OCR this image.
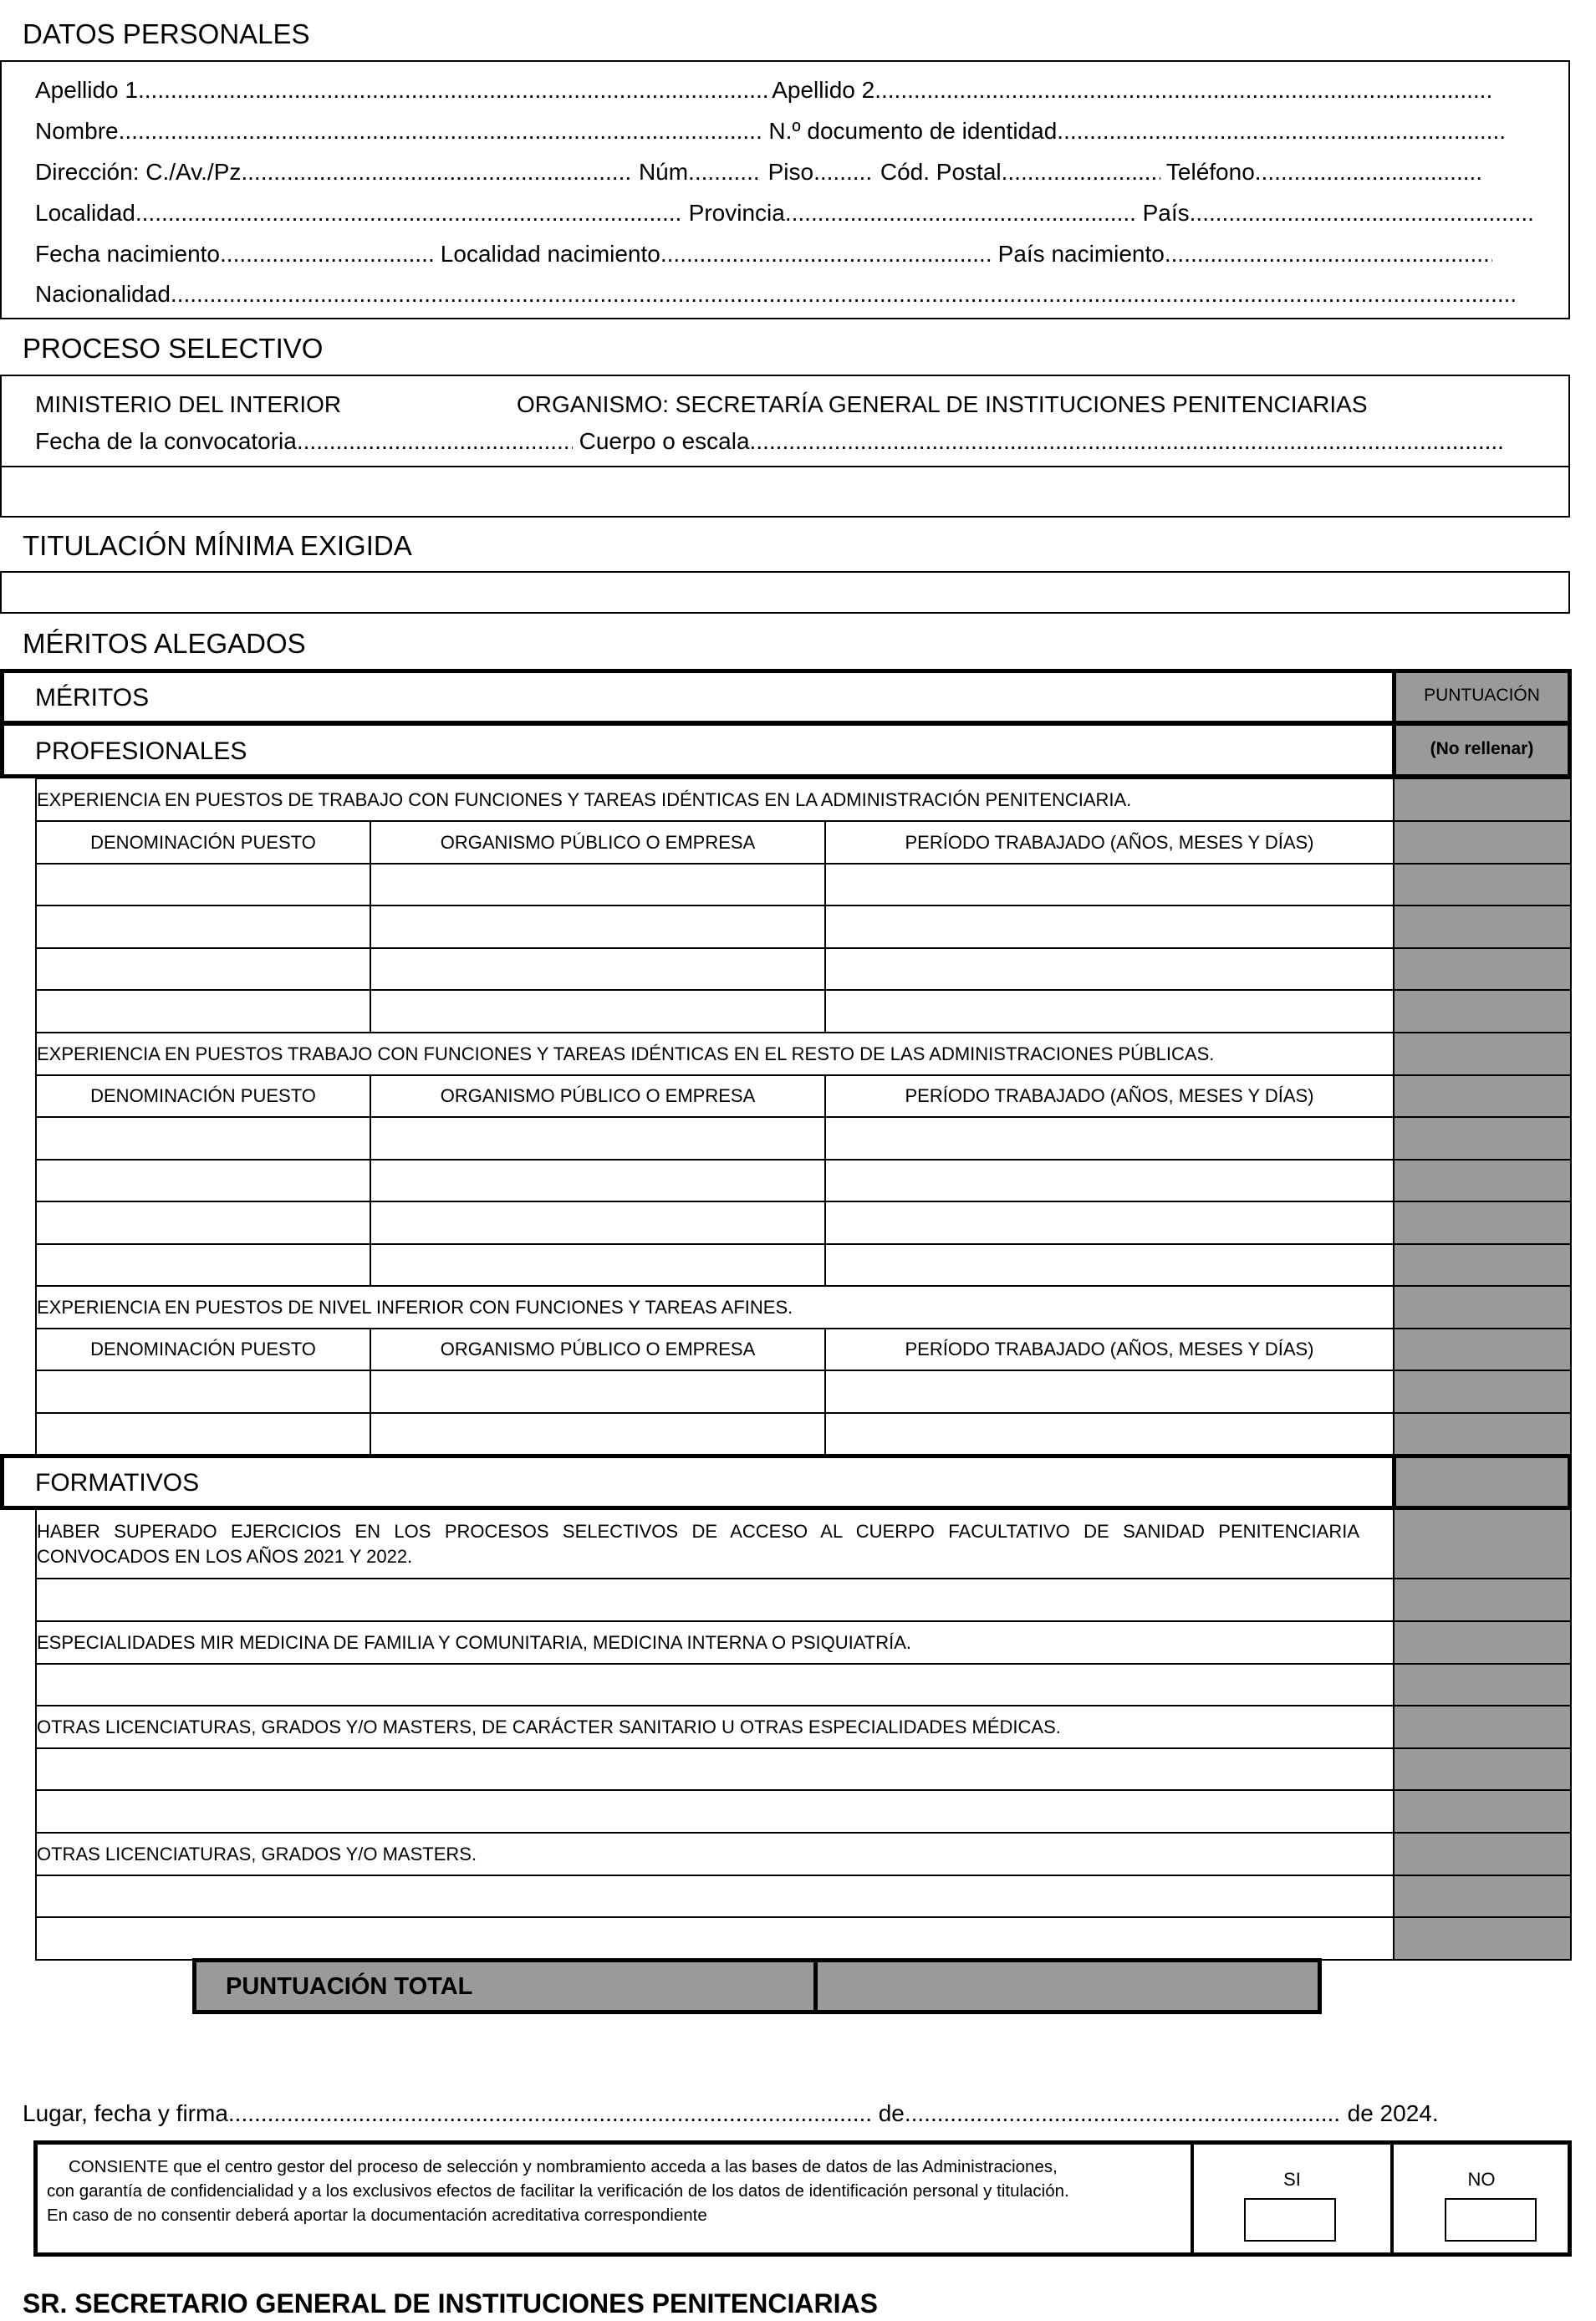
DATOS PERSONALES
Apellido 1 .....	Apellido 2.....
Nombre .....	N.º documento de identidad.....
Dirección: C./Av./Pz. .....	Núm. .....	Piso .....	Cód. Postal .....	Teléfono.....
Localidad .....	Provincia .....	País.....
Fecha nacimiento .....	Localidad nacimiento .....	País nacimiento.....
Nacionalidad.....
PROCESO SELECTIVO
MINISTERIO DEL INTERIOR	ORGANISMO: SECRETARÍA GENERAL DE INSTITUCIONES PENITENCIARIAS
Fecha de la convocatoria .....	Cuerpo o escala.....
TITULACIÓN MÍNIMA EXIGIDA
MÉRITOS ALEGADOS
MÉRITOS	PUNTUACIÓN
PROFESIONALES	(No rellenar)
EXPERIENCIA EN PUESTOS DE TRABAJO CON FUNCIONES Y TAREAS IDÉNTICAS EN LA ADMINISTRACIÓN PENITENCIARIA.			
DENOMINACIÓN PUESTO	ORGANISMO PÚBLICO O EMPRESA	PERÍODO TRABAJADO (AÑOS, MESES Y DÍAS)	

EXPERIENCIA EN PUESTOS TRABAJO CON FUNCIONES Y TAREAS IDÉNTICAS EN EL RESTO DE LAS ADMINISTRACIONES PÚBLICAS.			
DENOMINACIÓN PUESTO	ORGANISMO PÚBLICO O EMPRESA	PERÍODO TRABAJADO (AÑOS, MESES Y DÍAS)	

EXPERIENCIA EN PUESTOS DE NIVEL INFERIOR CON FUNCIONES Y TAREAS AFINES.			
DENOMINACIÓN PUESTO	ORGANISMO PÚBLICO O EMPRESA	PERÍODO TRABAJADO (AÑOS, MESES Y DÍAS)	

FORMATIVOS
HABER SUPERADO EJERCICIOS EN LOS PROCESOS SELECTIVOS DE ACCESO AL CUERPO FACULTATIVO DE SANIDAD PENITENCIARIA CONVOCADOS EN LOS AÑOS 2021 Y 2022.	

ESPECIALIDADES MIR MEDICINA DE FAMILIA Y COMUNITARIA, MEDICINA INTERNA O PSIQUIATRÍA.	

OTRAS LICENCIATURAS, GRADOS Y/O MASTERS, DE CARÁCTER SANITARIO U OTRAS ESPECIALIDADES MÉDICAS.	

OTRAS LICENCIATURAS, GRADOS Y/O MASTERS.	

PUNTUACIÓN TOTAL
Lugar, fecha y firma .....	de .....	de 2024.
CONSIENTE que el centro gestor del proceso de selección y nombramiento acceda a las bases de datos de las Administraciones,
con garantía de confidencialidad y a los exclusivos efectos de facilitar la verificación de los datos de identificación personal y titulación.
En caso de no consentir deberá aportar la documentación acreditativa correspondiente
SI	NO
SR. SECRETARIO GENERAL DE INSTITUCIONES PENITENCIARIAS
